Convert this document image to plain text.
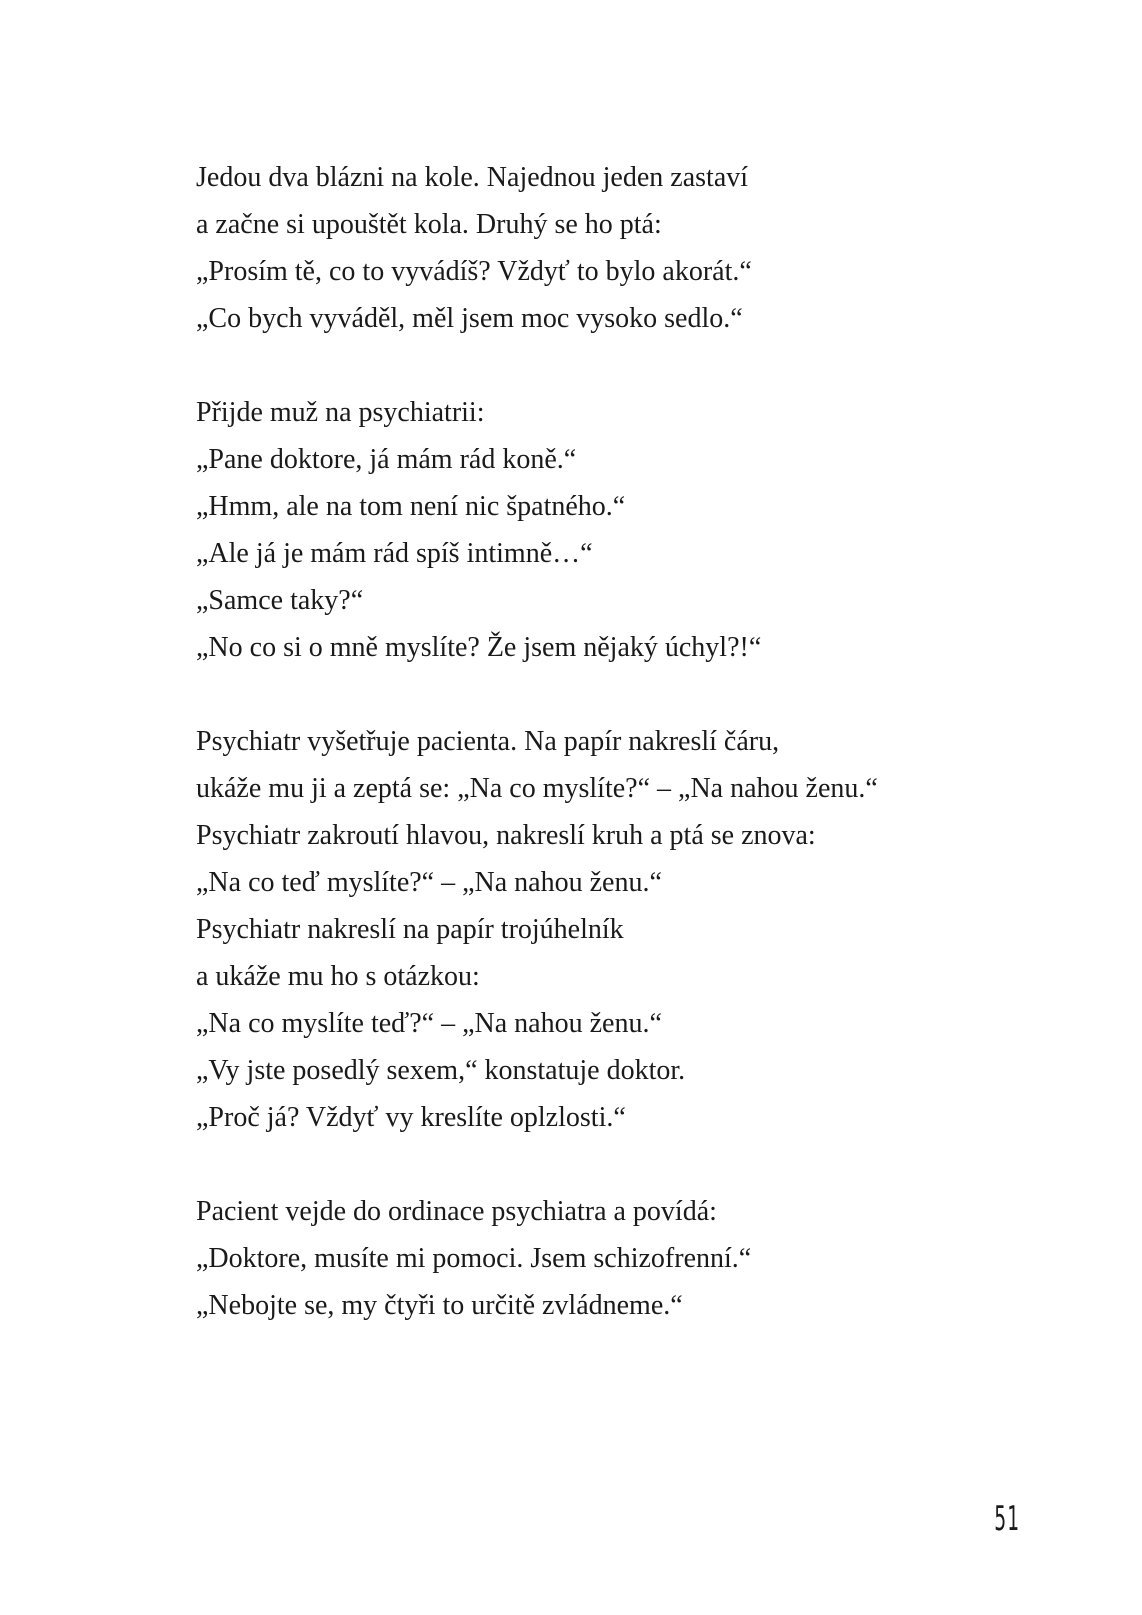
Jedou dva blázni na kole. Najednou jeden zastaví
a začne si upouštět kola. Druhý se ho ptá:
„Prosím tě, co to vyvádíš? Vždyť to bylo akorát.“
„Co bych vyváděl, měl jsem moc vysoko sedlo.“
Přijde muž na psychiatrii:
„Pane doktore, já mám rád koně.“
„Hmm, ale na tom není nic špatného.“
„Ale já je mám rád spíš intimně…“
„Samce taky?“
„No co si o mně myslíte? Že jsem nějaký úchyl?!“
Psychiatr vyšetřuje pacienta. Na papír nakreslí čáru,
ukáže mu ji a zeptá se: „Na co myslíte?“ – „Na nahou ženu.“
Psychiatr zakroutí hlavou, nakreslí kruh a ptá se znova:
„Na co teď myslíte?“ – „Na nahou ženu.“
Psychiatr nakreslí na papír trojúhelník
a ukáže mu ho s otázkou:
„Na co myslíte teď?“ – „Na nahou ženu.“
„Vy jste posedlý sexem,“ konstatuje doktor.
„Proč já? Vždyť vy kreslíte oplzlosti.“
Pacient vejde do ordinace psychiatra a povídá:
„Doktore, musíte mi pomoci. Jsem schizofrenní.“
„Nebojte se, my čtyři to určitě zvládneme.“
51
